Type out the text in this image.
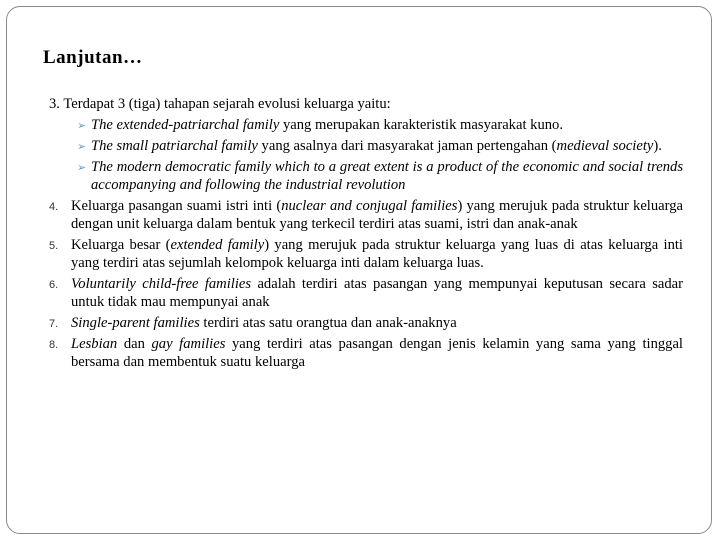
Lanjutan…
3. Terdapat 3 (tiga) tahapan sejarah evolusi keluarga yaitu:
➢ The extended-patriarchal family yang merupakan karakteristik masyarakat kuno.
➢ The small patriarchal family yang asalnya dari masyarakat jaman pertengahan (medieval society).
➢ The modern democratic family which to a great extent is a product of the economic and social trends accompanying and following the industrial revolution
4. Keluarga pasangan suami istri inti (nuclear and conjugal families) yang merujuk pada struktur keluarga dengan unit keluarga dalam bentuk yang terkecil terdiri atas suami, istri dan anak-anak
5. Keluarga besar (extended family) yang merujuk pada struktur keluarga yang luas di atas keluarga inti yang terdiri atas sejumlah kelompok keluarga inti dalam keluarga luas.
6. Voluntarily child-free families adalah terdiri atas pasangan yang mempunyai keputusan secara sadar untuk tidak mau mempunyai anak
7. Single-parent families terdiri atas satu orangtua dan anak-anaknya
8. Lesbian dan gay families yang terdiri atas pasangan dengan jenis kelamin yang sama yang tinggal bersama dan membentuk suatu keluarga
